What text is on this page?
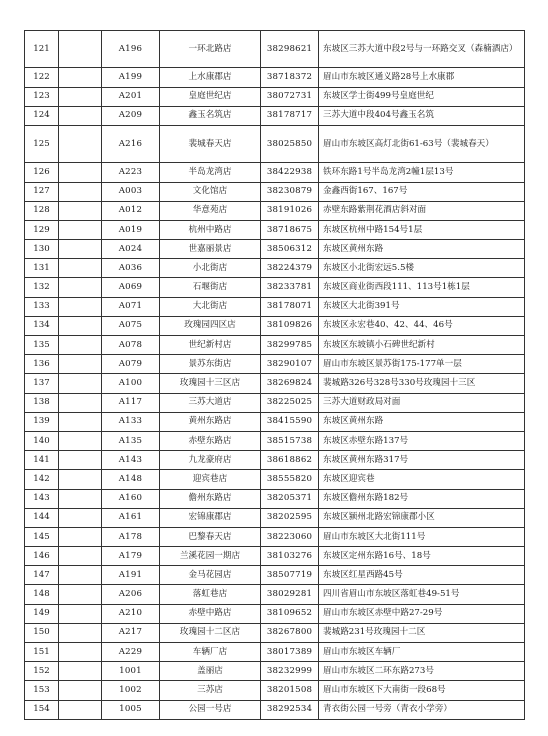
121		A196	一环北路店	38298621	东坡区三苏大道中段2号与一环路交叉（森楠酒店）
122		A199	上水康郡店	38718372	眉山市东坡区通义路28号上水康郡
123		A201	皇庭世纪店	38072731	东坡区学士街499号皇庭世纪
124		A209	鑫玉名筑店	38178717	三苏大道中段404号鑫玉名筑
125		A216	裴城春天店	38025850	眉山市东坡区高灯北街61-63号（裴城春天）
126		A223	半岛龙湾店	38422938	铁环东路1号半岛龙湾2幢1层13号
127		A003	文化馆店	38230879	金鑫西街167、167号
128		A012	华意苑店	38191026	赤壁东路紫荆花酒店斜对面
129		A019	杭州中路店	38718675	东坡区杭州中路154号1层
130		A024	世嘉丽景店	38506312	东坡区黄州东路
131		A036	小北街店	38224379	东坡区小北街宏远5.5楼
132		A069	石堰街店	38233781	东坡区商业街西段111、113号1栋1层
133		A071	大北街店	38178071	东坡区大北街391号
134		A075	玫瑰园四区店	38109826	东坡区永宏巷40、42、44、46号
135		A078	世纪新村店	38299785	东坡区东坡镇小石碑世纪新村
136		A079	景苏东街店	38290107	眉山市东坡区景苏街175-177单一层
137		A100	玫瑰园十三区店	38269824	裴城路326号328号330号玫瑰园十三区
138		A117	三苏大道店	38225025	三苏大道财政局对面
139		A133	黄州东路店	38415590	东坡区黄州东路
140		A135	赤壁东路店	38515738	东坡区赤壁东路137号
141		A143	九龙豪府店	38618862	东坡区黄州东路317号
142		A148	迎宾巷店	38555820	东坡区迎宾巷
143		A160	儋州东路店	38205371	东坡区儋州东路182号
144		A161	宏锦康郡店	38202595	东坡区颍州北路宏锦康郡小区
145		A178	巴黎春天店	38223060	眉山市东坡区大北街111号
146		A179	兰溪花园一期店	38103276	东坡区定州东路16号、18号
147		A191	金马花园店	38507719	东坡区红星西路45号
148		A206	落虹巷店	38029281	四川省眉山市东坡区落虹巷49-51号
149		A210	赤壁中路店	38109652	眉山市东坡区赤壁中路27-29号
150		A217	玫瑰园十二区店	38267800	裴城路231号玫瑰园十二区
151		A229	车辆厂店	38017389	眉山市东坡区车辆厂
152		1001	盖丽店	38232999	眉山市东坡区二环东路273号
153		1002	三苏店	38201508	眉山市东坡区下大南街一段68号
154		1005	公园一号店	38292534	青衣街公园一号旁（青衣小学旁）
